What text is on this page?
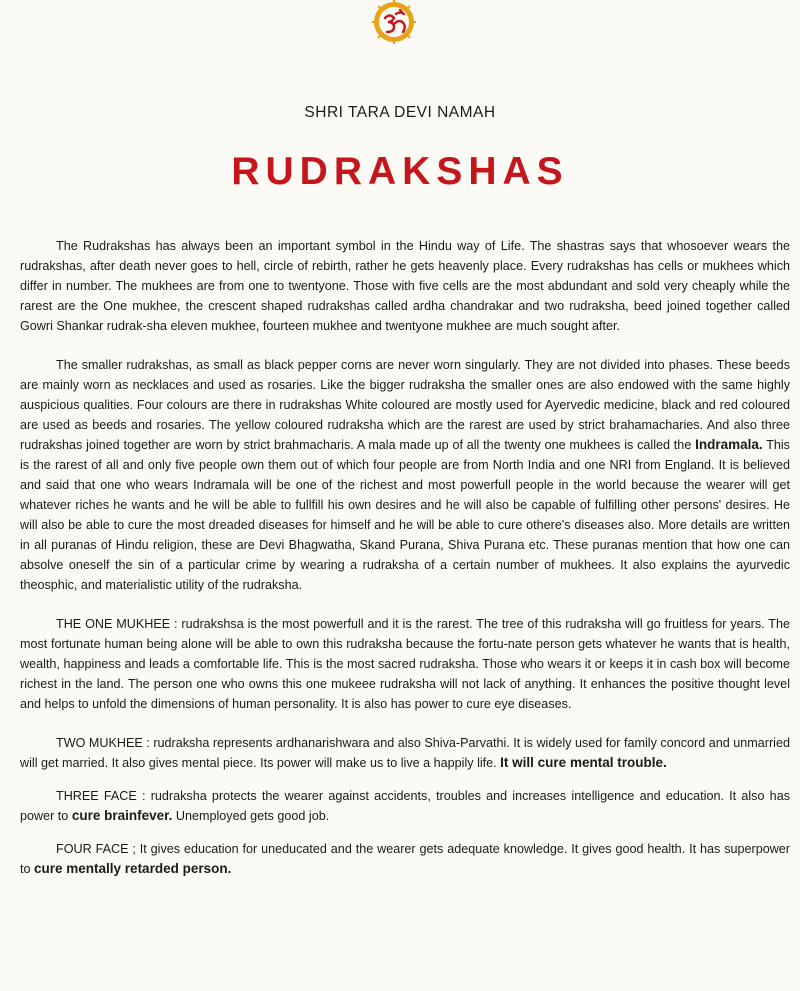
SHRI TARA DEVI NAMAH
RUDRAKSHAS

The Rudrakshas has always been an important symbol in the Hindu way of Life. The shastras says that whosoever wears the rudrakshas, after death never goes to hell, circle of rebirth, rather he gets heavenly place. Every rudrakshas has cells or mukhees which differ in number. The mukhees are from one to twentyone. Those with five cells are the most abdundant and sold very cheaply while the rarest are the One mukhee, the crescent shaped rudrakshas called ardha chandrakar and two rudraksha, beed joined together called Gowri Shankar rudrak-sha eleven mukhee, fourteen mukhee and twentyone mukhee are much sought after.

The smaller rudrakshas, as small as black pepper corns are never worn singularly. They are not divided into phases. These beeds are mainly worn as necklaces and used as rosaries. Like the bigger rudraksha the smaller ones are also endowed with the same highly auspicious qualities. Four colours are there in rudrakshas White coloured are mostly used for Ayervedic medicine, black and red coloured are used as beeds and rosaries. The yellow coloured rudraksha which are the rarest are used by strict brahamacharies. And also three rudrakshas joined together are worn by strict brahmacharis. A mala made up of all the twenty one mukhees is called the Indramala. This is the rarest of all and only five people own them out of which four people are from North India and one NRI from England. It is believed and said that one who wears Indramala will be one of the richest and most powerfull people in the world because the wearer will get whatever riches he wants and he will be able to fullfill his own desires and he will also be capable of fulfilling other persons' desires. He will also be able to cure the most dreaded diseases for himself and he will be able to cure othere's diseases also. More details are written in all puranas of Hindu religion, these are Devi Bhagwatha, Skand Purana, Shiva Purana etc. These puranas mention that how one can absolve oneself the sin of a particular crime by wearing a rudraksha of a certain number of mukhees. It also explains the ayurvedic theosphic, and materialistic utility of the rudraksha.

THE ONE MUKHEE : rudrakshsa is the most powerfull and it is the rarest. The tree of this rudraksha will go fruitless for years. The most fortunate human being alone will be able to own this rudraksha because the fortu-nate person gets whatever he wants that is health, wealth, happiness and leads a comfortable life. This is the most sacred rudraksha. Those who wears it or keeps it in cash box will become richest in the land. The person one who owns this one mukeee rudraksha will not lack of anything. It enhances the positive thought level and helps to unfold the dimensions of human personality. It is also has power to cure eye diseases.

TWO MUKHEE : rudraksha represents ardhanarishwara and also Shiva-Parvathi. It is widely used for family concord and unmarried will get married. It also gives mental piece. Its power will make us to live a happily life. It will cure mental trouble.

THREE FACE : rudraksha protects the wearer against accidents, troubles and increases intelligence and education. It also has power to cure brainfever. Unemployed gets good job.

FOUR FACE ; It gives education for uneducated and the wearer gets adequate knowledge. It gives good health. It has superpower to cure mentally retarded person.
